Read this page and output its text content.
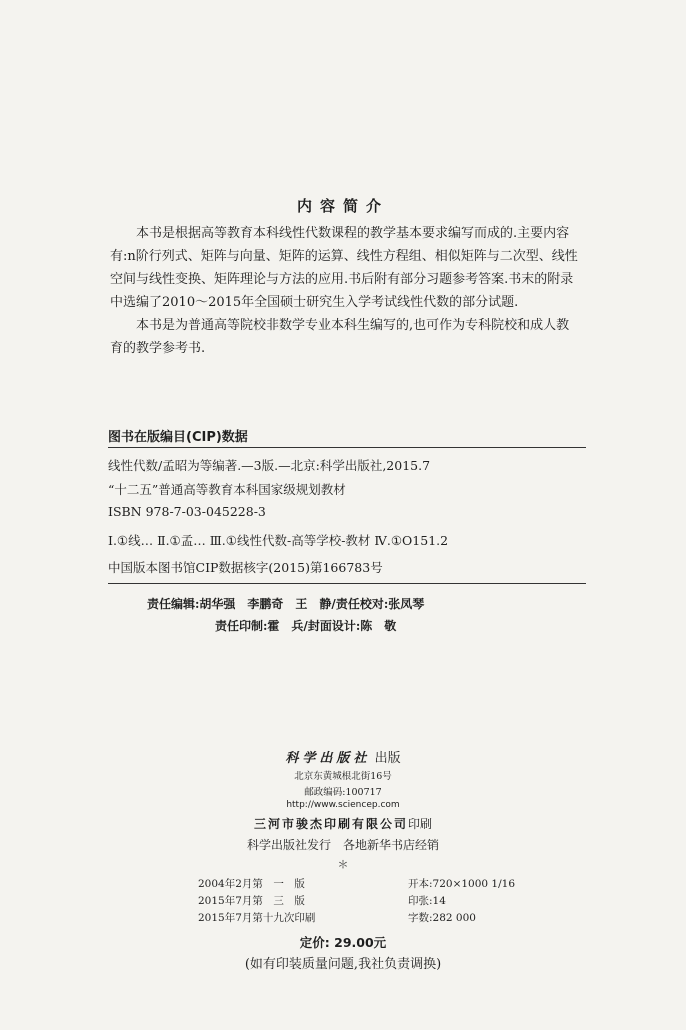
内容简介

本书是根据高等教育本科线性代数课程的教学基本要求编写而成的.主要内容有:n阶行列式、矩阵与向量、矩阵的运算、线性方程组、相似矩阵与二次型、线性空间与线性变换、矩阵理论与方法的应用.书后附有部分习题参考答案.书末的附录中选编了2010～2015年全国硕士研究生入学考试线性代数的部分试题.

本书是为普通高等院校非数学专业本科生编写的,也可作为专科院校和成人教育的教学参考书.

图书在版编目(CIP)数据
线性代数/孟昭为等编著.—3版.—北京:科学出版社,2015.7
“十二五”普通高等教育本科国家级规划教材
ISBN 978-7-03-045228-3
Ⅰ.①线… Ⅱ.①孟… Ⅲ.①线性代数-高等学校-教材 Ⅳ.①O151.2
中国版本图书馆CIP数据核字(2015)第166783号
责任编辑:胡华强　李鹏奇　王　静/责任校对:张凤琴
责任印制:霍　兵/封面设计:陈　敬
科学出版社 出版
北京东黄城根北街16号
邮政编码:100717
http://www.sciencep.com
三河市骏杰印刷有限公司印刷
科学出版社发行　各地新华书店经销
＊
2004年2月第　一　版	开本:720×1000 1/16
2015年7月第　三　版	印张:14
2015年7月第十九次印刷	字数:282 000
定价: 29.00元
(如有印装质量问题,我社负责调换)
